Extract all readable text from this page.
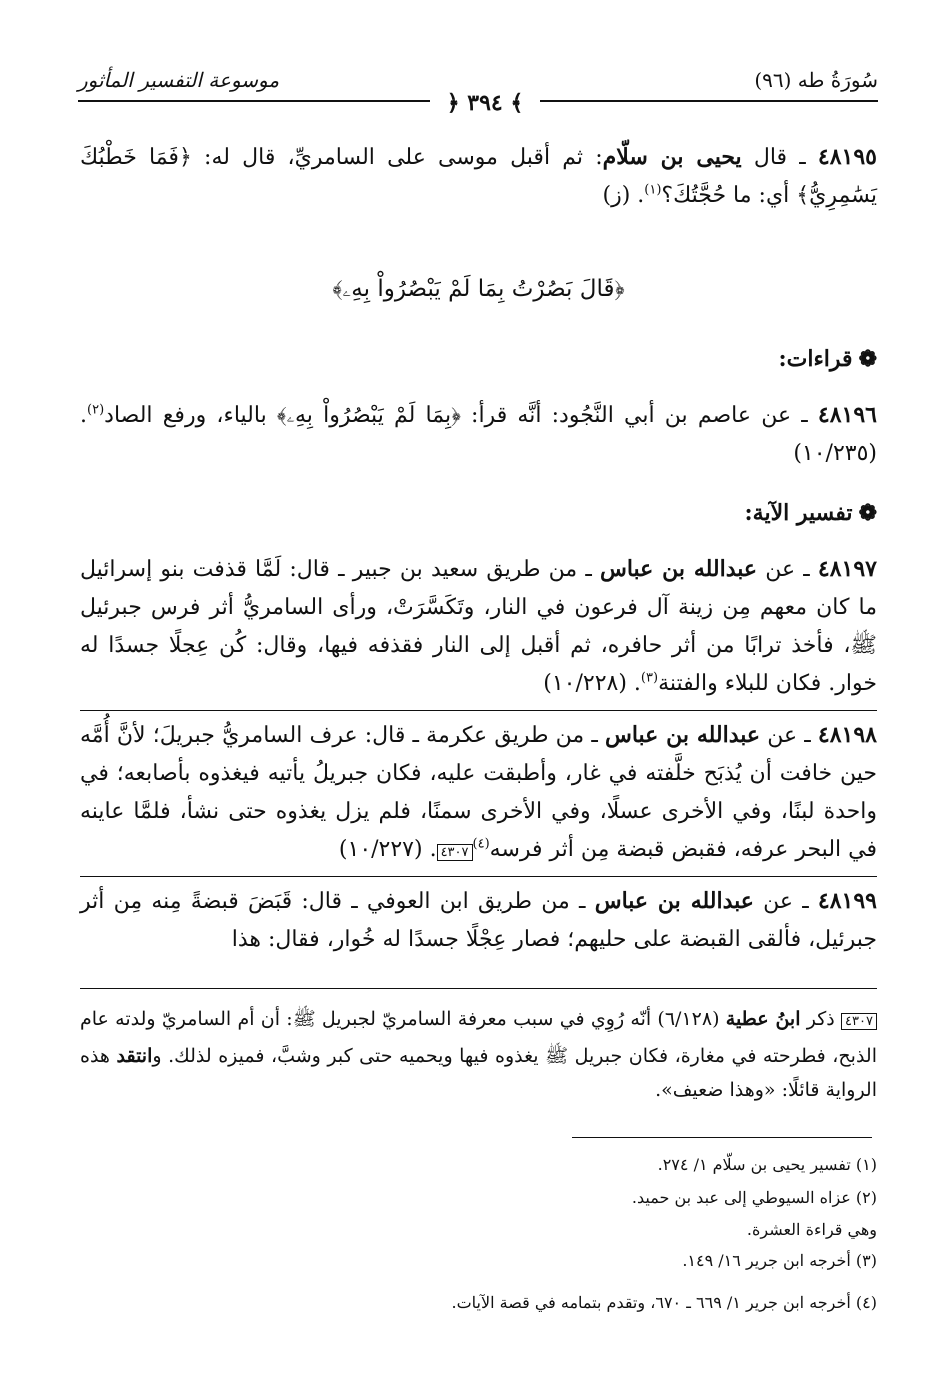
سُورَةُ طه (٩٦)
موسوعة التفسير المأثور
﴾ ٣٩٤ ﴿
٤٨١٩٥ ـ قال يحيى بن سلّام: ثم أقبل موسى على السامريِّ، قال له: ﴿فَمَا خَطْبُكَ يَسَٰمِرِيُّ﴾ أي: ما حُجَّتُكَ؟$^{(١)}$. (ز)
﴿قَالَ بَصُرْتُ بِمَا لَمْ يَبْصُرُواْ بِهِۦ﴾
❁قراءات:
٤٨١٩٦ ـ عن عاصم بن أبي النَّجُود: أنَّه قرأ: ﴿بِمَا لَمْ يَبْصُرُواْ بِهِۦ﴾ بالياء، ورفع الصاد$^{(٢)}$. (١٠/٢٣٥)
❁تفسير الآية:
٤٨١٩٧ ـ عن عبدالله بن عباس ـ من طريق سعيد بن جبير ـ قال: لَمَّا قذفت بنو إسرائيل ما كان معهم مِن زينة آل فرعون في النار، وتَكَسَّرَتْ، ورأى السامريُّ أثر فرس جبرئيل ﷺ، فأخذ ترابًا من أثر حافره، ثم أقبل إلى النار فقذفه فيها، وقال: كُن عِجلًا جسدًا له خوار. فكان للبلاء والفتنة$^{(٣)}$. (١٠/٢٢٨)
٤٨١٩٨ ـ عن عبدالله بن عباس ـ من طريق عكرمة ـ قال: عرف السامريُّ جبريلَ؛ لأنَّ أُمَّه حين خافت أن يُذبَح خلَّفته في غار، وأطبقت عليه، فكان جبريلُ يأتيه فيغذوه بأصابعه؛ في واحدة لبنًا، وفي الأخرى عسلًا، وفي الأخرى سمنًا، فلم يزل يغذوه حتى نشأ، فلمَّا عاينه في البحر عرفه، فقبض قبضة مِن أثر فرسه$^{(٤)}$٤٣٠٧. (١٠/٢٢٧)
٤٨١٩٩ ـ عن عبدالله بن عباس ـ من طريق ابن العوفي ـ قال: قَبَضَ قبضةً مِنه مِن أثر جبرئيل، فألقى القبضة على حليهم؛ فصار عِجْلًا جسدًا له خُوار، فقال: هذا
٤٣٠٧ ذكر ابنُ عطية (٦/١٢٨) أنّه رُوِي في سبب معرفة السامريّ لجبريل ﷺ: أن أم السامريّ ولدته عام الذبح، فطرحته في مغارة، فكان جبريل ﷺ يغذوه فيها ويحميه حتى كبر وشبَّ، فميزه لذلك. وانتقد هذه الرواية قائلًا: «وهذا ضعيف».
(١) تفسير يحيى بن سلّام ١/ ٢٧٤.
(٢) عزاه السيوطي إلى عبد بن حميد.
وهي قراءة العشرة.
(٣) أخرجه ابن جرير ١٦/ ١٤٩.
(٤) أخرجه ابن جرير ١/ ٦٦٩ ـ ٦٧٠، وتقدم بتمامه في قصة الآيات.
